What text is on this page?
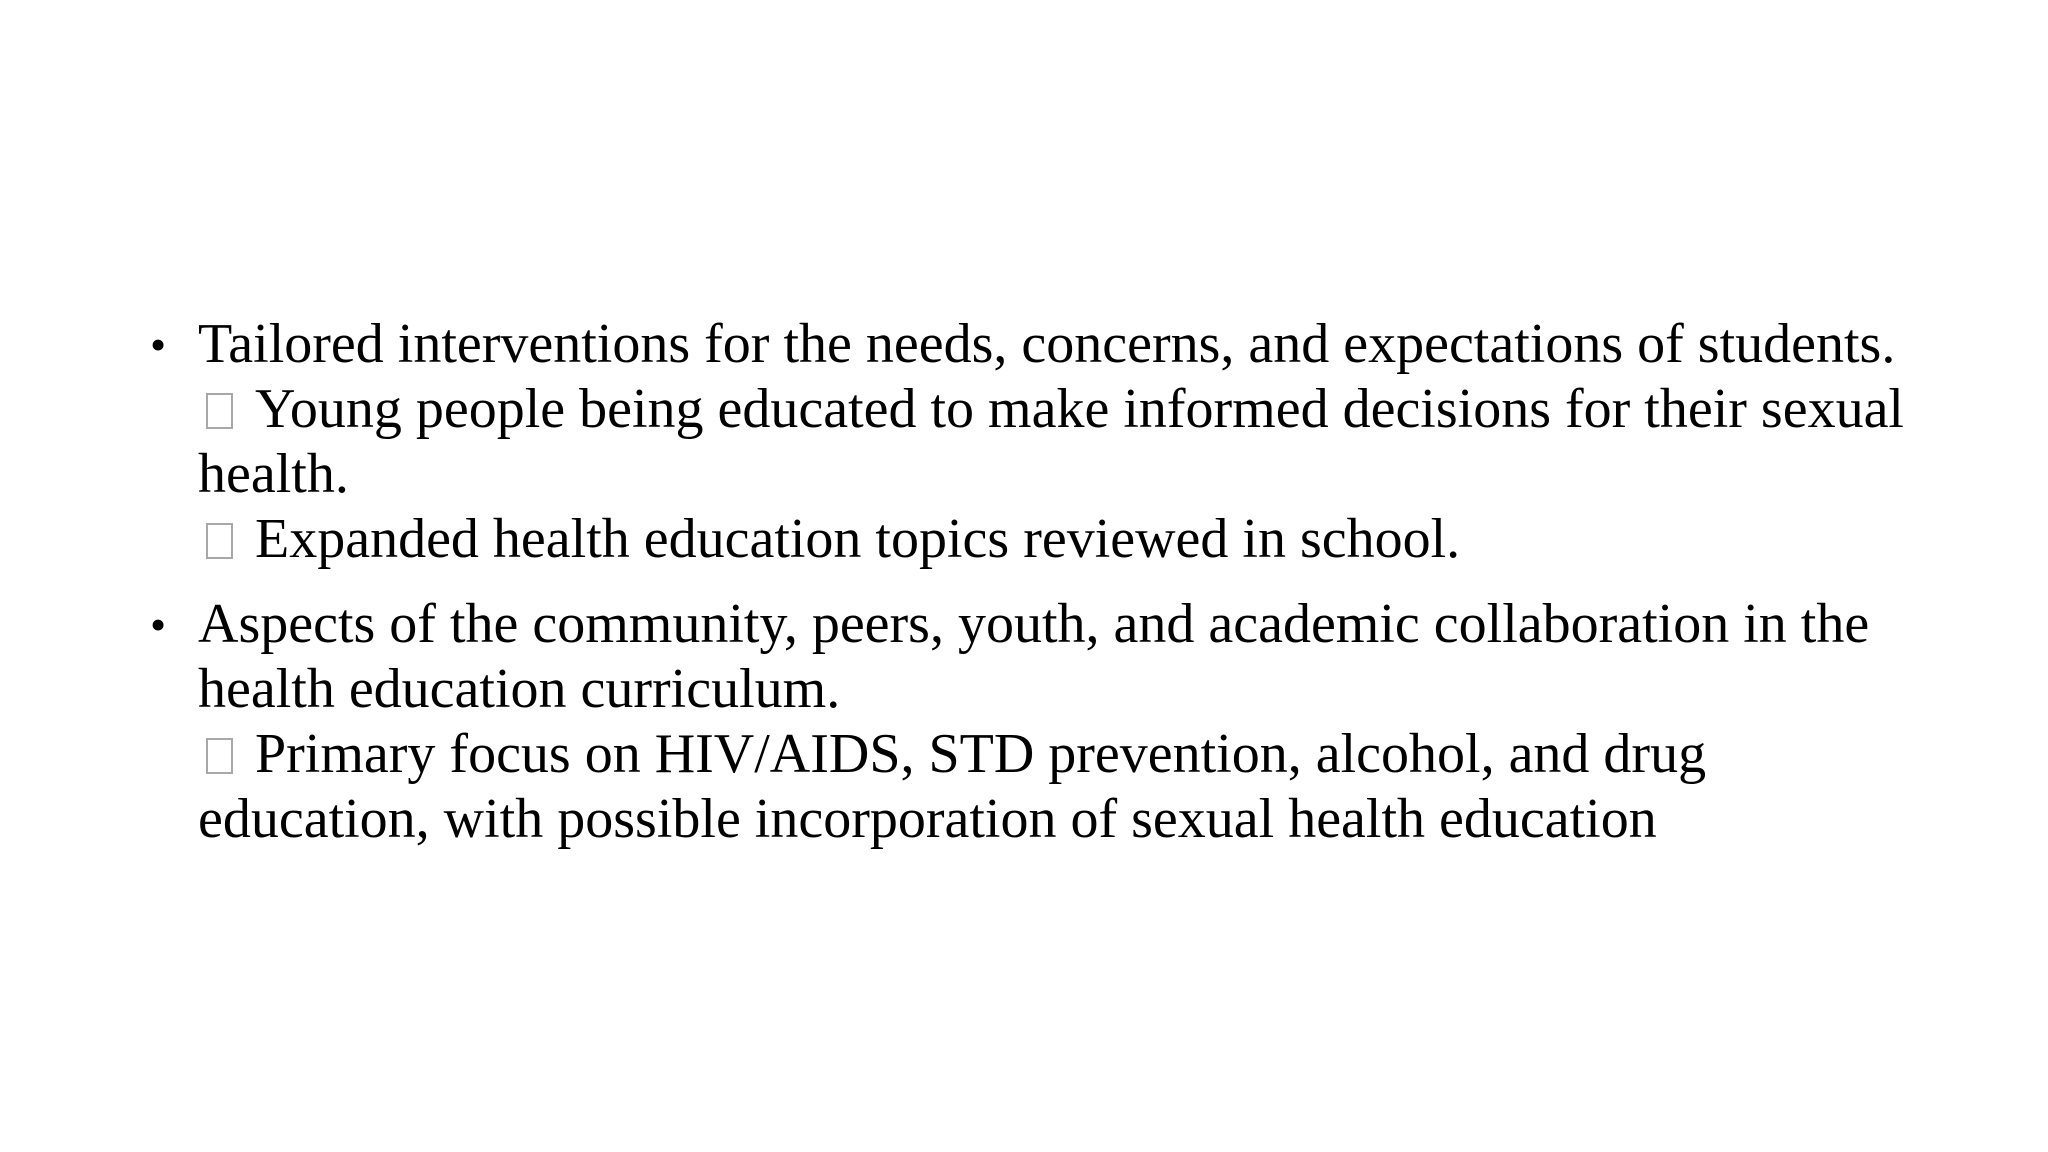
• Tailored interventions for the needs, concerns, and expectations of students.
Young people being educated to make informed decisions for their sexual health.
Expanded health education topics reviewed in school.
• Aspects of the community, peers, youth, and academic collaboration in the health education curriculum.
Primary focus on HIV/AIDS, STD prevention, alcohol, and drug education, with possible incorporation of sexual health education
